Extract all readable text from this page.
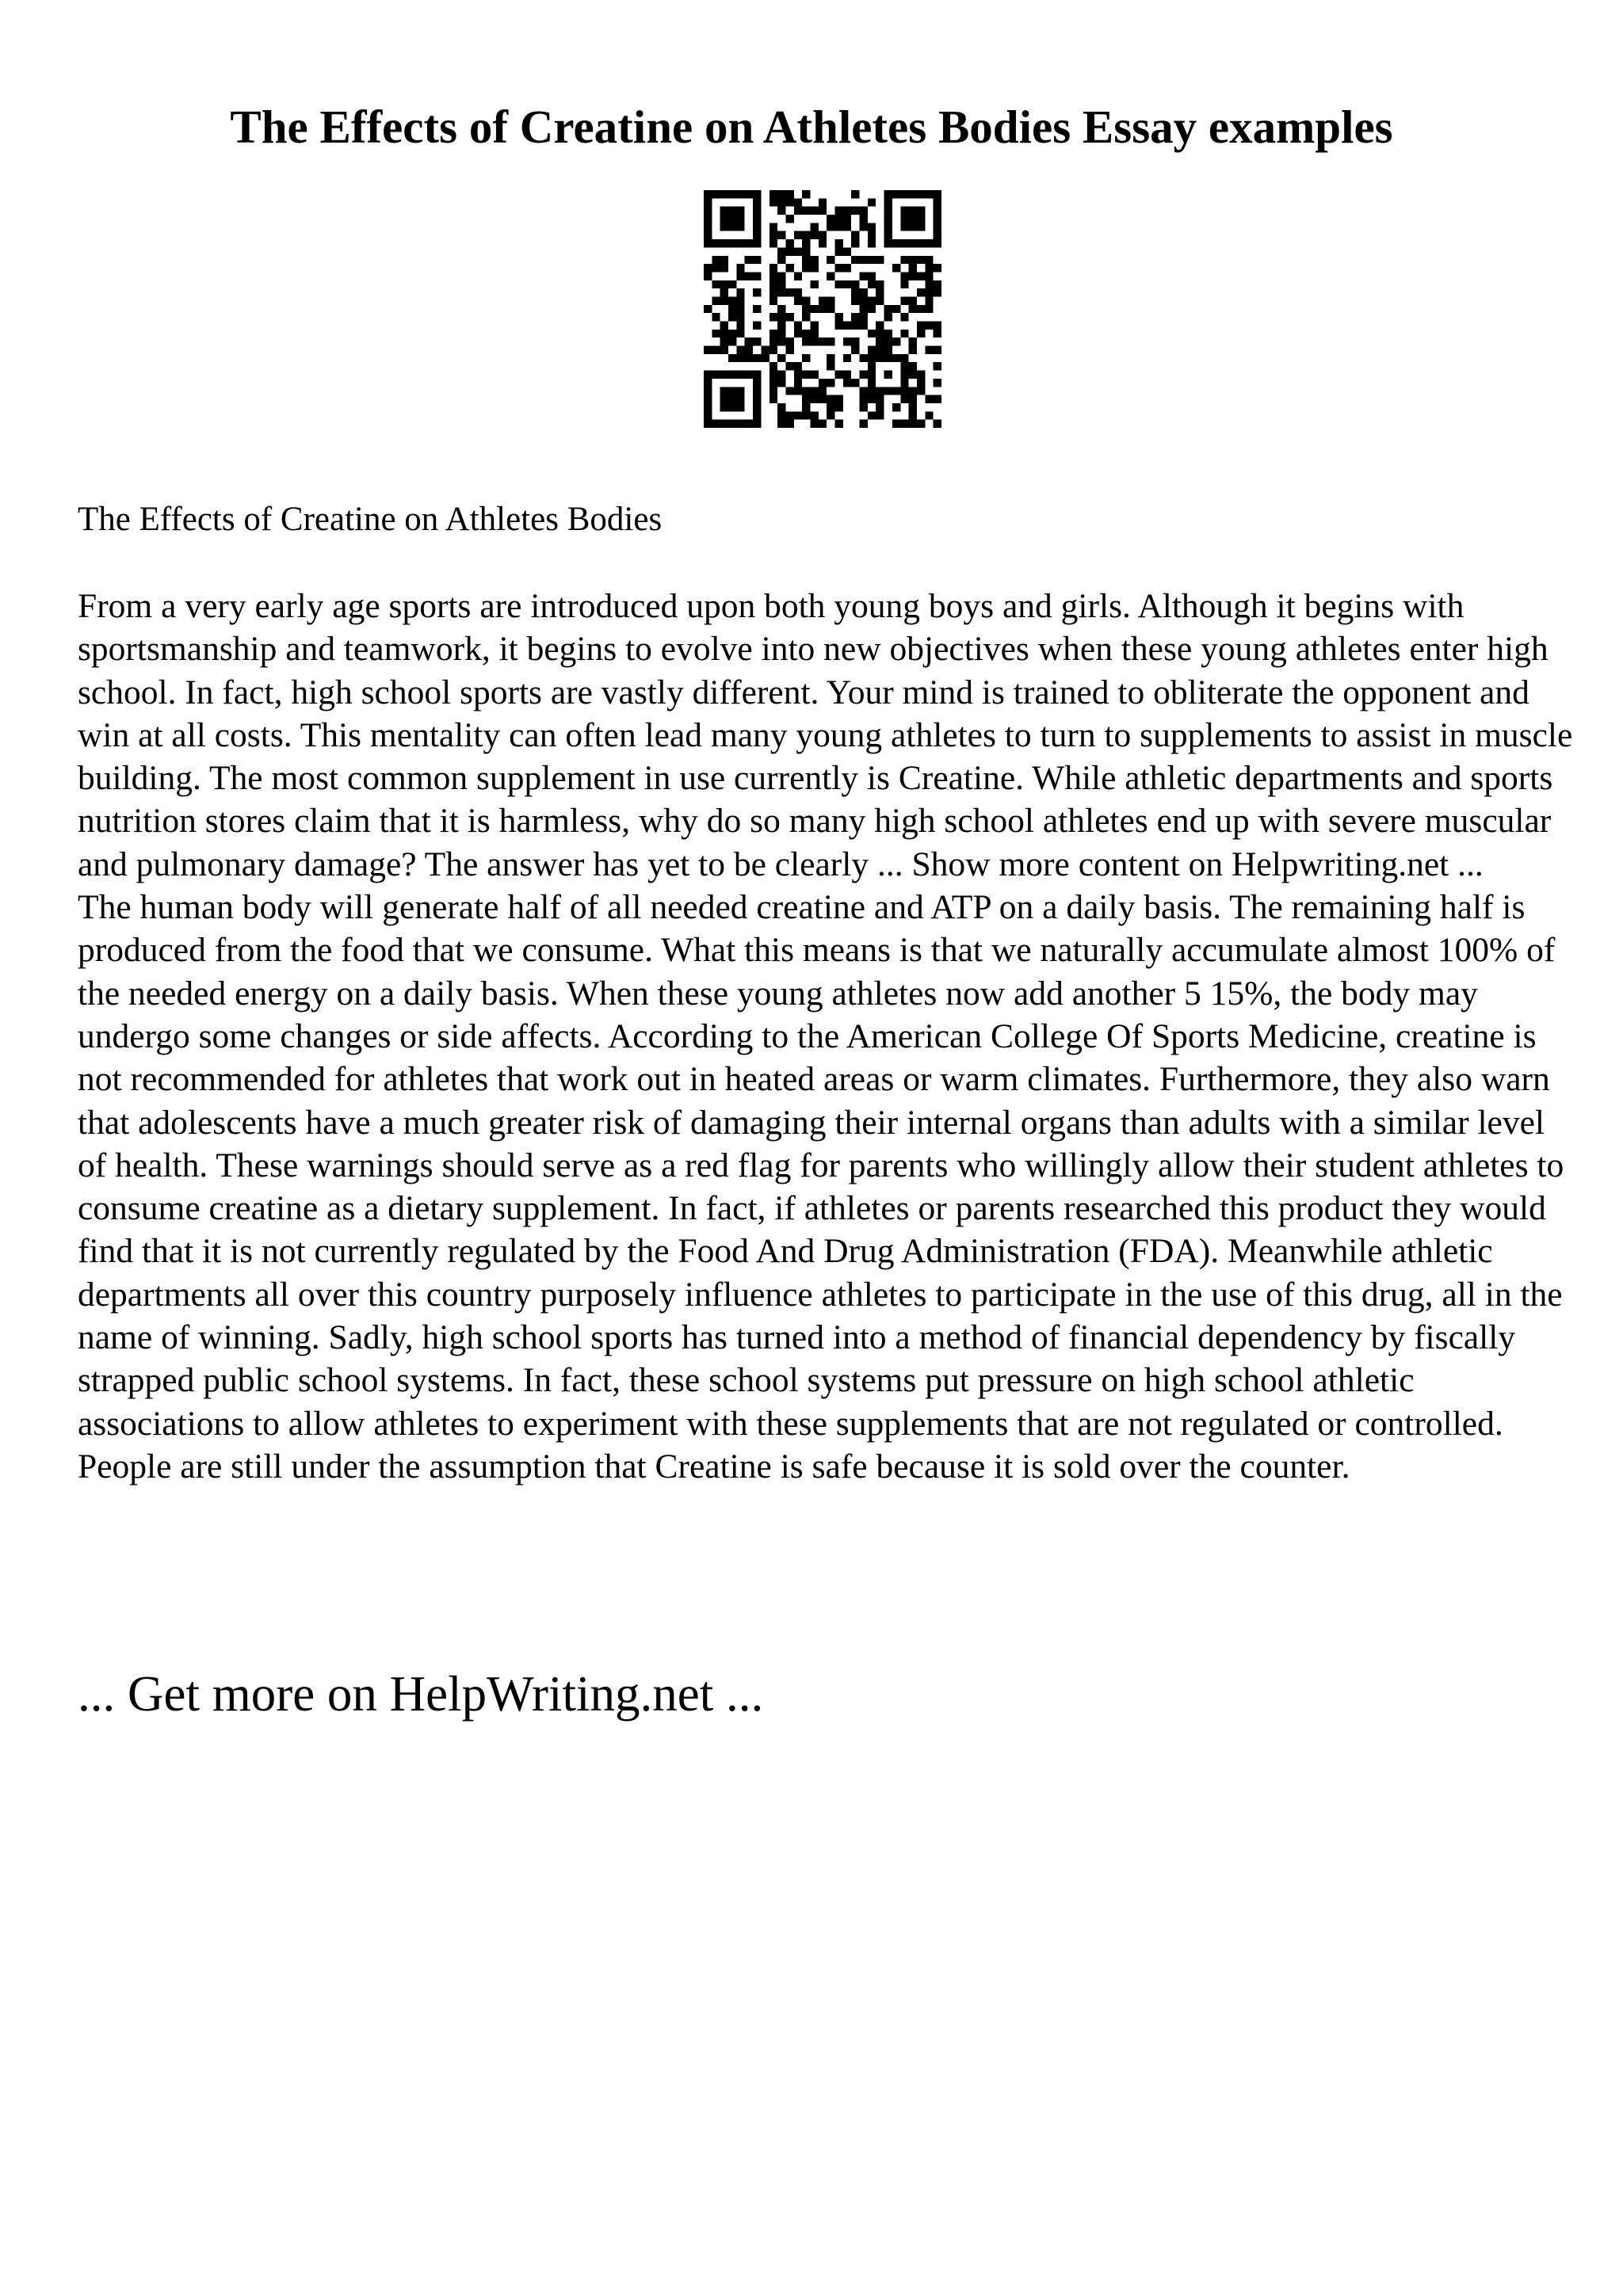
The Effects of Creatine on Athletes Bodies Essay examples

The Effects of Creatine on Athletes Bodies

From a very early age sports are introduced upon both young boys and girls. Although it begins with sportsmanship and teamwork, it begins to evolve into new objectives when these young athletes enter high school. In fact, high school sports are vastly different. Your mind is trained to obliterate the opponent and win at all costs. This mentality can often lead many young athletes to turn to supplements to assist in muscle building. The most common supplement in use currently is Creatine. While athletic departments and sports nutrition stores claim that it is harmless, why do so many high school athletes end up with severe muscular and pulmonary damage? The answer has yet to be clearly ... Show more content on Helpwriting.net ...

The human body will generate half of all needed creatine and ATP on a daily basis. The remaining half is produced from the food that we consume. What this means is that we naturally accumulate almost 100% of the needed energy on a daily basis. When these young athletes now add another 5 15%, the body may undergo some changes or side affects. According to the American College Of Sports Medicine, creatine is not recommended for athletes that work out in heated areas or warm climates. Furthermore, they also warn that adolescents have a much greater risk of damaging their internal organs than adults with a similar level of health. These warnings should serve as a red flag for parents who willingly allow their student athletes to consume creatine as a dietary supplement. In fact, if athletes or parents researched this product they would find that it is not currently regulated by the Food And Drug Administration (FDA). Meanwhile athletic departments all over this country purposely influence athletes to participate in the use of this drug, all in the name of winning. Sadly, high school sports has turned into a method of financial dependency by fiscally strapped public school systems. In fact, these school systems put pressure on high school athletic associations to allow athletes to experiment with these supplements that are not regulated or controlled. People are still under the assumption that Creatine is safe because it is sold over the counter.

... Get more on HelpWriting.net ...
